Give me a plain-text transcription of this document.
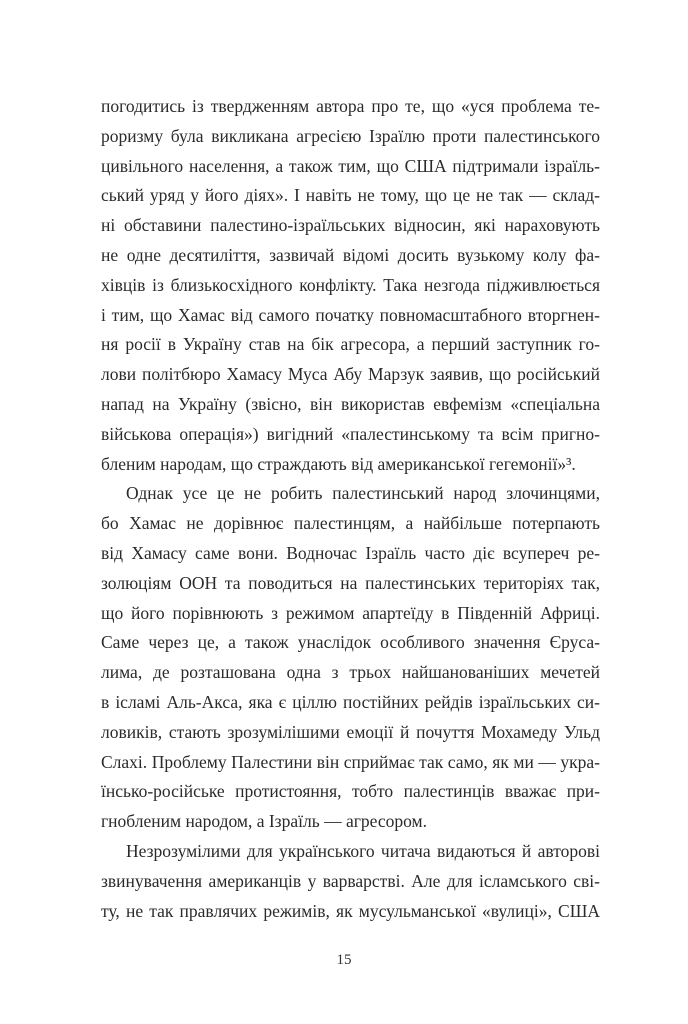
погодитись із твердженням автора про те, що «уся проблема те-
роризму була викликана агресією Ізраїлю проти палестинського
цивільного населення, а також тим, що США підтримали ізраїль-
ський уряд у його діях». І навіть не тому, що це не так — склад-
ні обставини палестино-ізраїльських відносин, які нараховують
не одне десятиліття, зазвичай відомі досить вузькому колу фа-
хівців із близькосхідного конфлікту. Така незгода підживлюється
і тим, що Хамас від самого початку повномасштабного вторгнен-
ня росії в Україну став на бік агресора, а перший заступник го-
лови політбюро Хамасу Муса Абу Марзук заявив, що російський
напад на Україну (звісно, він використав евфемізм «спеціальна
військова операція») вигідний «палестинському та всім пригно-
бленим народам, що страждають від американської гегемонії»³.
Однак усе це не робить палестинський народ злочинцями,
бо Хамас не дорівнює палестинцям, а найбільше потерпають
від Хамасу саме вони. Водночас Ізраїль часто діє всупереч ре-
золюціям ООН та поводиться на палестинських територіях так,
що його порівнюють з режимом апартеїду в Південній Африці.
Саме через це, а також унаслідок особливого значення Єруса-
лима, де розташована одна з трьох найшанованіших мечетей
в ісламі Аль-Акса, яка є ціллю постійних рейдів ізраїльських си-
ловиків, стають зрозумілішими емоції й почуття Мохамеду Ульд
Слахі. Проблему Палестини він сприймає так само, як ми — укра-
їнсько-російське протистояння, тобто палестинців вважає при-
гнобленим народом, а Ізраїль — агресором.
Незрозумілими для українського читача видаються й авторові
звинувачення американців у варварстві. Але для ісламського сві-
ту, не так правлячих режимів, як мусульманської «вулиці», США
15
